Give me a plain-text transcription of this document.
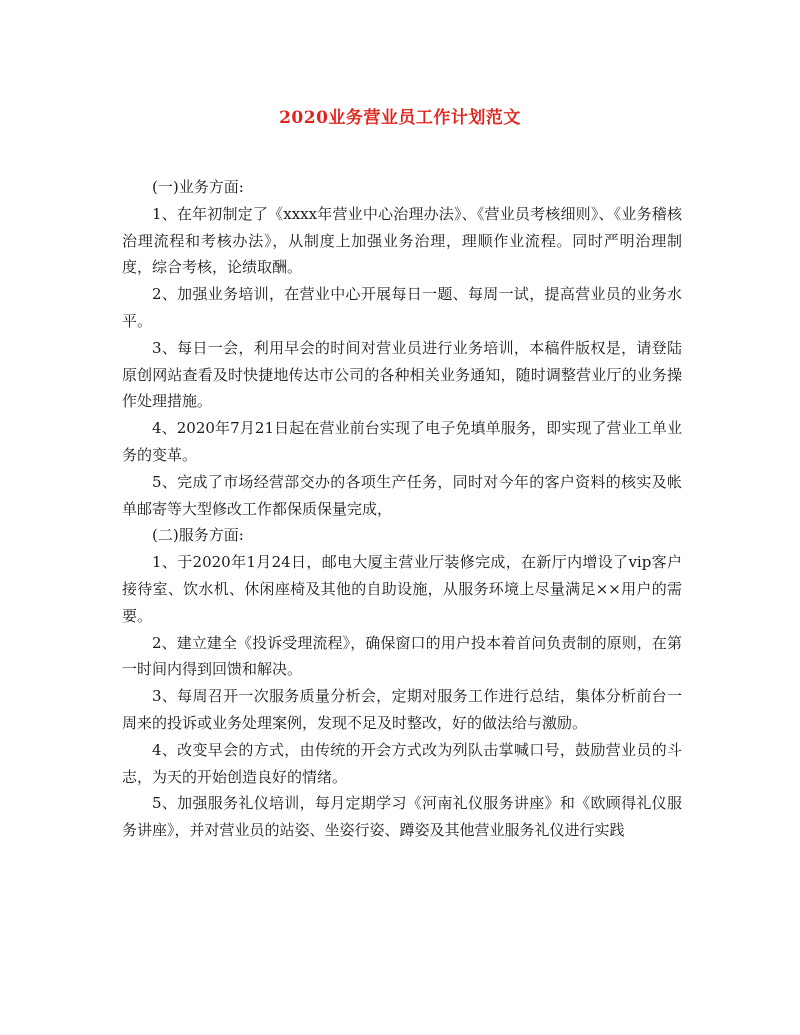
2020业务营业员工作计划范文

(一)业务方面:

1、在年初制定了《xxxx年营业中心治理办法》、《营业员考核细则》、《业务稽核治理流程和考核办法》，从制度上加强业务治理，理顺作业流程。同时严明治理制度，综合考核，论绩取酬。

2、加强业务培训，在营业中心开展每日一题、每周一试，提高营业员的业务水平。

3、每日一会，利用早会的时间对营业员进行业务培训，本稿件版权是，请登陆原创网站查看及时快捷地传达市公司的各种相关业务通知，随时调整营业厅的业务操作处理措施。

4、2020年7月21日起在营业前台实现了电子免填单服务，即实现了营业工单业务的变革。

5、完成了市场经营部交办的各项生产任务，同时对今年的客户资料的核实及帐单邮寄等大型修改工作都保质保量完成，

(二)服务方面:

1、于2020年1月24日，邮电大厦主营业厅装修完成，在新厅内增设了vip客户接待室、饮水机、休闲座椅及其他的自助设施，从服务环境上尽量满足××用户的需要。

2、建立建全《投诉受理流程》，确保窗口的用户投本着首问负责制的原则，在第一时间内得到回馈和解决。

3、每周召开一次服务质量分析会，定期对服务工作进行总结，集体分析前台一周来的投诉或业务处理案例，发现不足及时整改，好的做法给与激励。

4、改变早会的方式，由传统的开会方式改为列队击掌喊口号，鼓励营业员的斗志，为天的开始创造良好的情绪。

5、加强服务礼仪培训，每月定期学习《河南礼仪服务讲座》和《欧顾得礼仪服务讲座》，并对营业员的站姿、坐姿行姿、蹲姿及其他营业服务礼仪进行实践
